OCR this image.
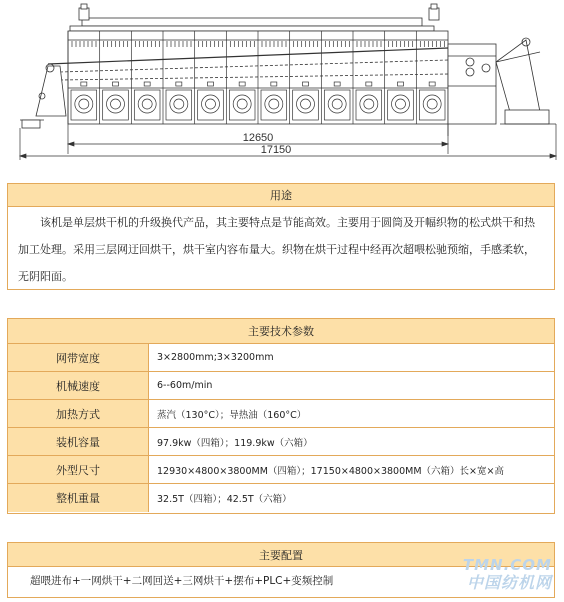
12650
17150
用途
该机是单层烘干机的升级换代产品，其主要特点是节能高效。主要用于圆筒及开幅织物的松式烘干和热加工处理。采用三层网迂回烘干，烘干室内容布量大。织物在烘干过程中经再次超喂松驰预缩，手感柔软，无阴阳面。
主要技术参数
网带宽度	3×2800mm;3×3200mm
机械速度	6--60m/min
加热方式	蒸汽（130°C）；导热油（160°C）
装机容量	97.9kw（四箱）；119.9kw（六箱）
外型尺寸	12930×4800×3800MM（四箱）；17150×4800×3800MM（六箱）长×宽×高
整机重量	32.5T（四箱）；42.5T（六箱）
主要配置
超喂进布+一网烘干+二网回送+三网烘干+摆布+PLC+变频控制
TMN.COM
中国纺机网
